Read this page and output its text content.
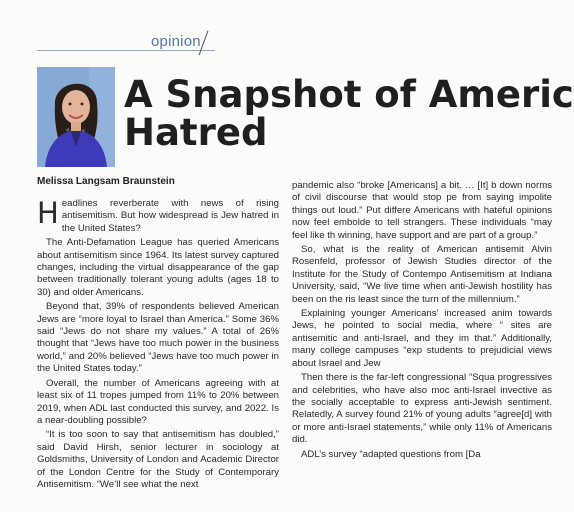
opinion
A Snapshot of Americ
Hatred
Melissa Langsam Braunstein

Headlines reverberate with news of rising antisemitism. But how widespread is Jew hatred in the United States?

The Anti-Defamation League has queried Americans about antisemitism since 1964. Its latest survey captured changes, including the virtual disappearance of the gap between traditionally tolerant young adults (ages 18 to 30) and older Americans.

Beyond that, 39% of respondents believed American Jews are “more loyal to Israel than America.” Some 36% said “Jews do not share my values.” A total of 26% thought that “Jews have too much power in the business world,” and 20% believed “Jews have too much power in the United States today.”

Overall, the number of Americans agreeing with at least six of 11 tropes jumped from 11% to 20% between 2019, when ADL last conducted this survey, and 2022. Is a near-doubling possible?

“It is too soon to say that antisemitism has doubled,” said David Hirsh, senior lecturer in sociology at Goldsmiths, University of London and Academic Director of the London Centre for the Study of Contemporary Antisemitism. “We’ll see what the next

pandemic also “broke [Americans] a bit. … [It] b down norms of civil discourse that would stop pe from saying impolite things out loud.” Put differe Americans with hateful opinions now feel embolde to tell strangers. These individuals “may feel like th winning, have support and are part of a group.”

So, what is the reality of American antisemit Alvin Rosenfeld, professor of Jewish Studies director of the Institute for the Study of Contempo Antisemitism at Indiana University, said, “We live time when anti-Jewish hostility has been on the ris least since the turn of the millennium.”

Explaining younger Americans’ increased anim towards Jews, he pointed to social media, where “ sites are antisemitic and anti-Israel, and they im that.” Additionally, many college campuses “exp students to prejudicial views about Israel and Jew

Then there is the far-left congressional “Squa progressives and celebrities, who have also moc anti-Israel invective as the socially acceptable to express anti-Jewish sentiment. Relatedly, A survey found 21% of young adults “agree[d] with or more anti-Israel statements,” while only 11% of Americans did.

ADL’s survey “adapted questions from [Da
